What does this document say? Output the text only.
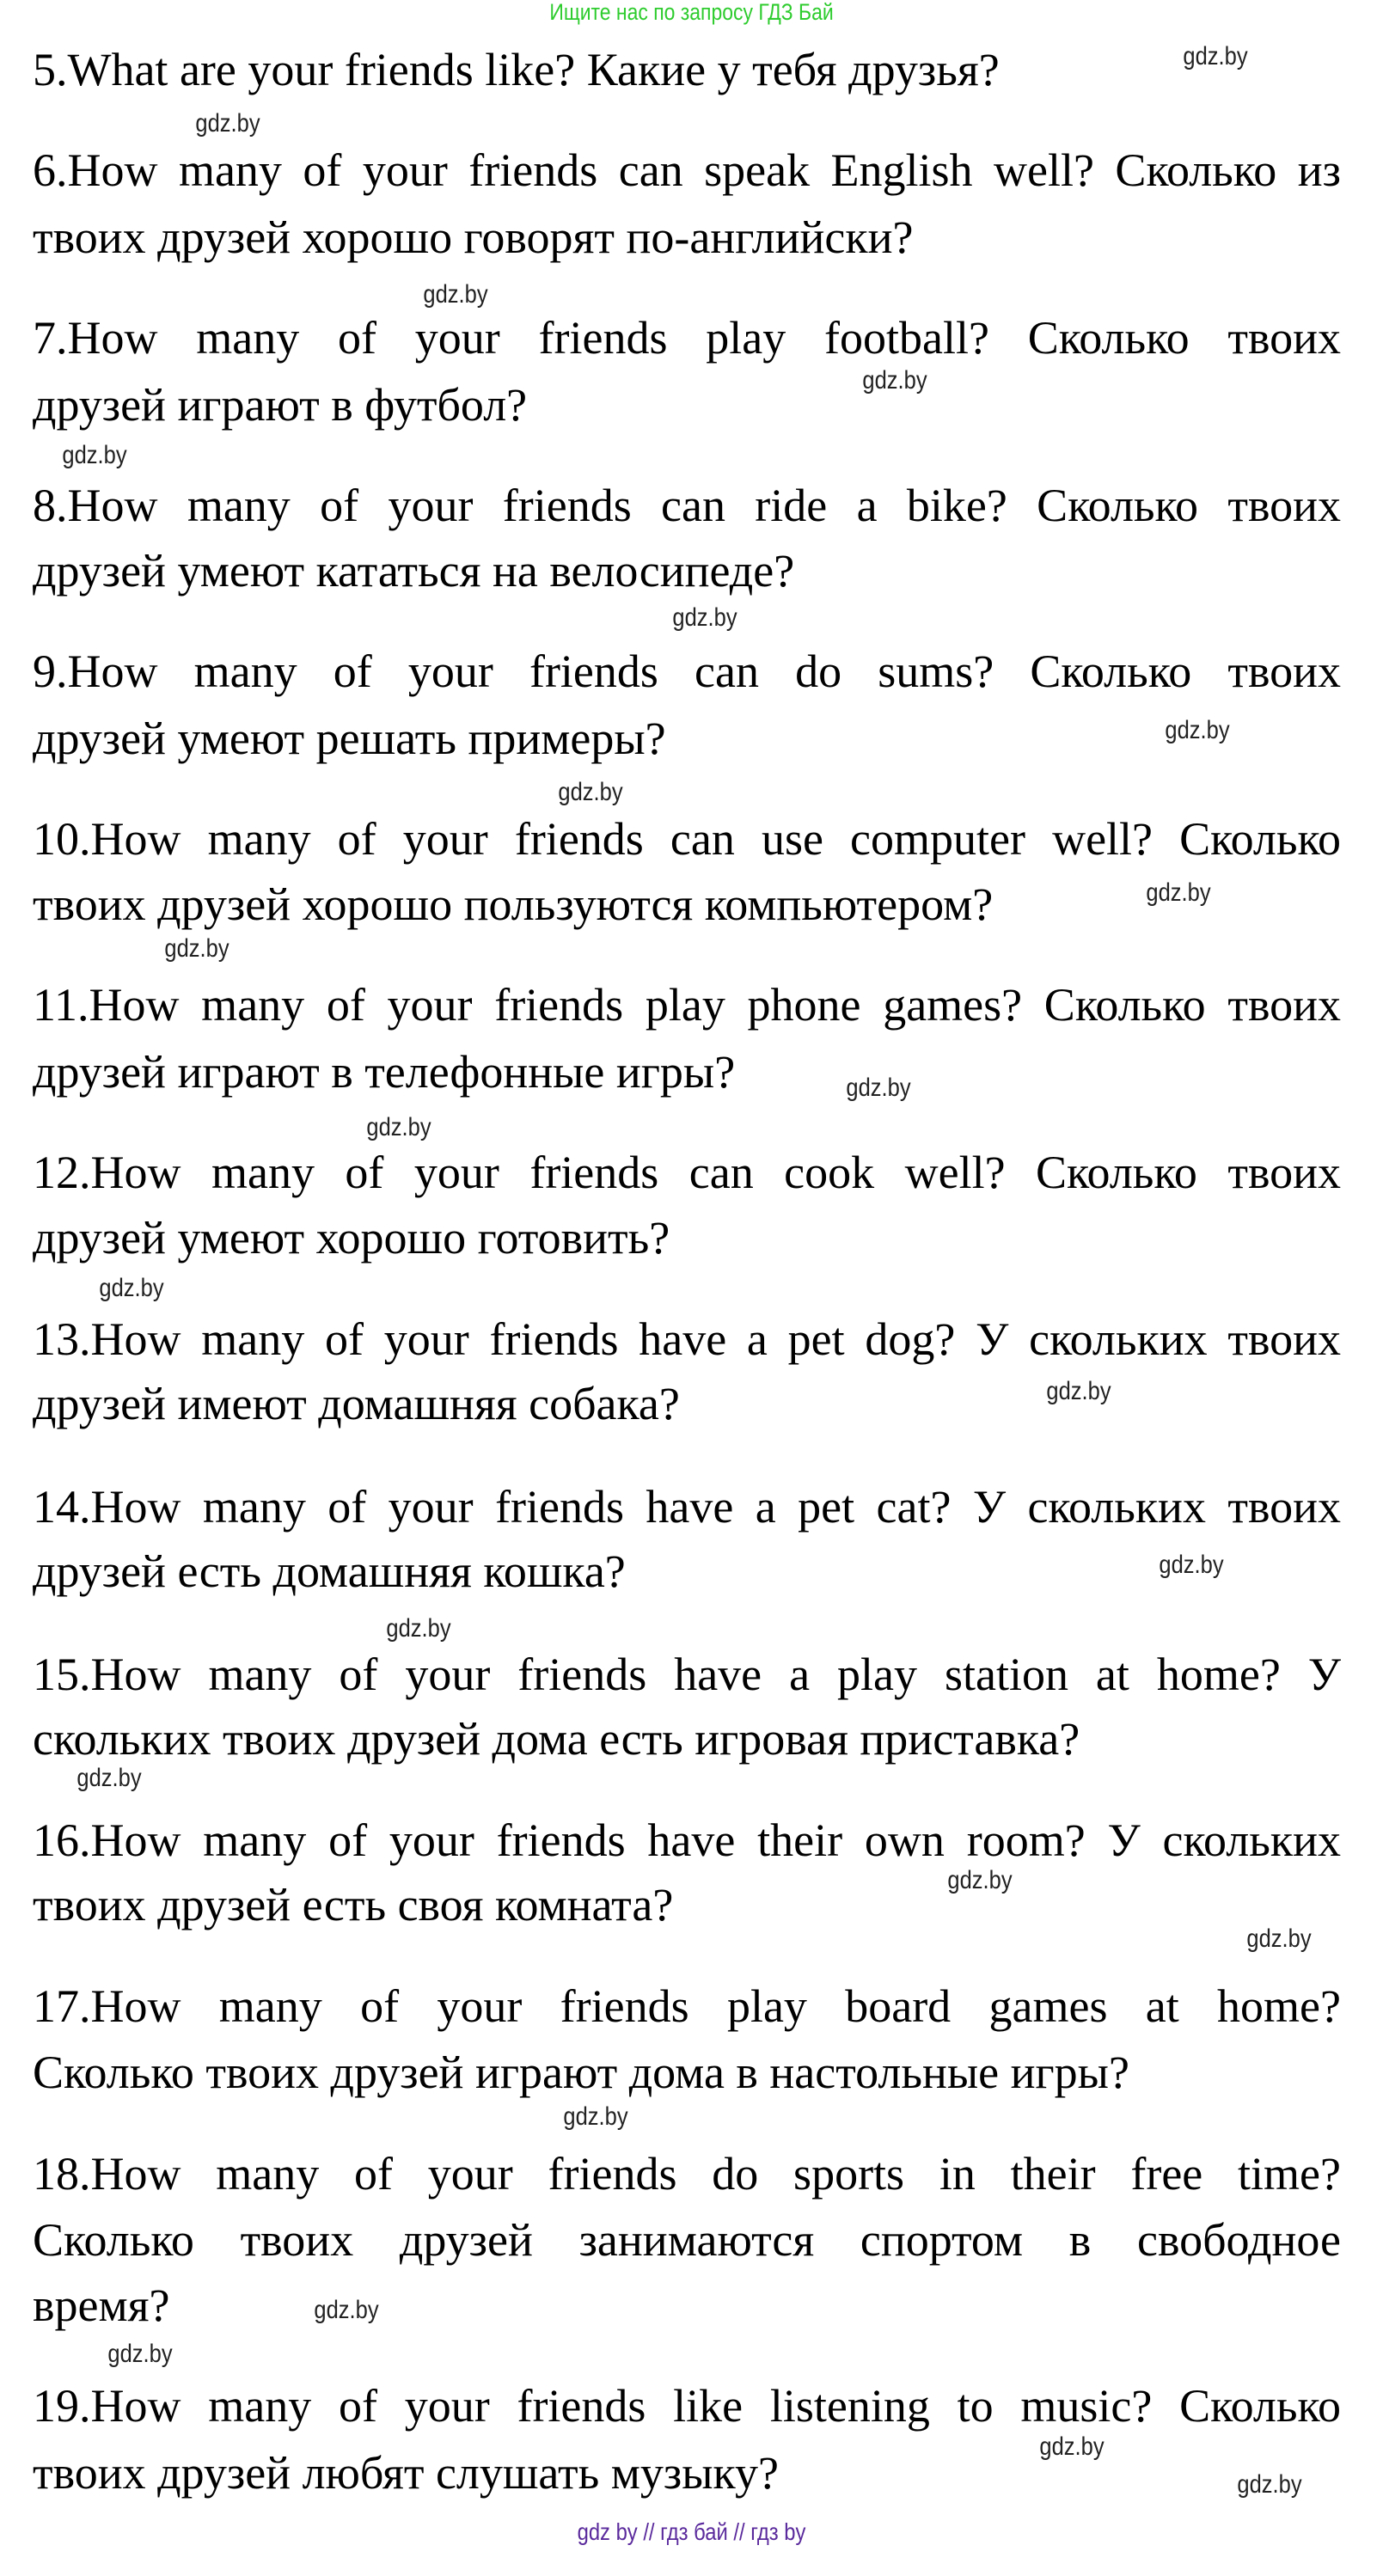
Ищите нас по запросу ГДЗ Бай
5.What are your friends like? Какие у тебя друзья?
6.How many of your friends can speak English well? Сколько из
твоих друзей хорошо говорят по-английски?
7.How many of your friends play football? Сколько твоих
друзей играют в футбол?
8.How many of your friends can ride a bike? Сколько твоих
друзей умеют кататься на велосипеде?
9.How many of your friends can do sums? Сколько твоих
друзей умеют решать примеры?
10.How many of your friends can use computer well? Сколько
твоих друзей хорошо пользуются компьютером?
11.How many of your friends play phone games? Сколько твоих
друзей играют в телефонные игры?
12.How many of your friends can cook well? Сколько твоих
друзей умеют хорошо готовить?
13.How many of your friends have a pet dog? У скольких твоих
друзей имеют домашняя собака?
14.How many of your friends have a pet cat? У скольких твоих
друзей есть домашняя кошка?
15.How many of your friends have a play station at home? У
скольких твоих друзей дома есть игровая приставка?
16.How many of your friends have their own room? У скольких
твоих друзей есть своя комната?
17.How many of your friends play board games at home?
Сколько твоих друзей играют дома в настольные игры?
18.How many of your friends do sports in their free time?
Сколько твоих друзей занимаются спортом в свободное
время?
19.How many of your friends like listening to music? Сколько
твоих друзей любят слушать музыку?
gdz.by
gdz.by
gdz.by
gdz.by
gdz.by
gdz.by
gdz.by
gdz.by
gdz.by
gdz.by
gdz.by
gdz.by
gdz.by
gdz.by
gdz.by
gdz.by
gdz.by
gdz.by
gdz.by
gdz.by
gdz.by
gdz.by
gdz.by
gdz.by
gdz by // гдз бай // гдз by
